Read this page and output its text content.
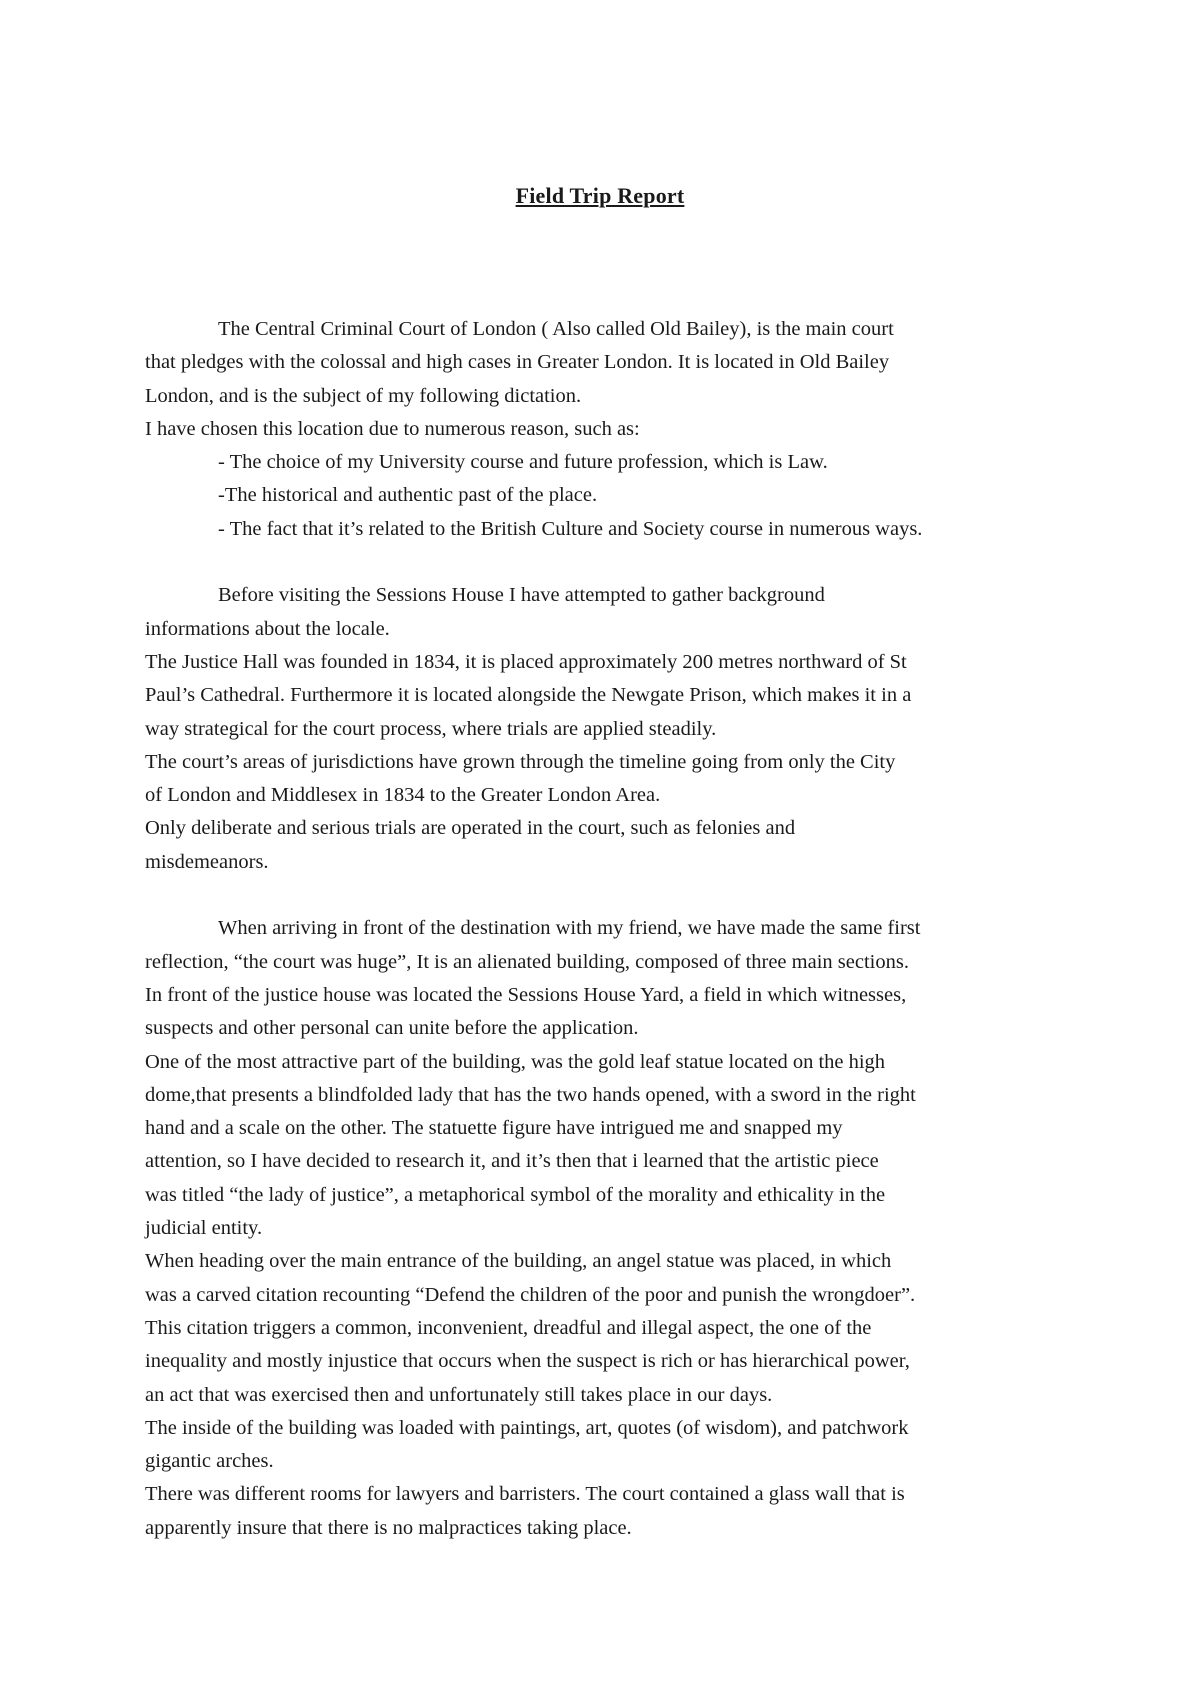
Field Trip Report

The Central Criminal Court of London ( Also called Old Bailey), is the main court

that pledges with the colossal and high cases in Greater London. It is located in Old Bailey

London, and is the subject of my following dictation.

I have chosen this location due to numerous reason, such as:

- The choice of my University course and future profession, which is Law.

-The historical and authentic past of the place.

- The fact that it’s related to the British Culture and Society course in numerous ways.

Before visiting the Sessions House I have attempted to gather background

informations about the locale.

The Justice Hall was founded in 1834, it is placed approximately 200 metres northward of St

Paul’s Cathedral. Furthermore it is located alongside the Newgate Prison, which makes it in a

way strategical for the court process, where trials are applied steadily.

The court’s areas of jurisdictions have grown through the timeline going from only the City

of London and Middlesex in 1834 to the Greater London Area.

Only deliberate and serious trials are operated in the court, such as felonies and

misdemeanors.

When arriving in front of the destination with my friend, we have made the same first

reflection, “the court was huge”, It is an alienated building, composed of three main sections.

In front of the justice house was located the Sessions House Yard, a field in which witnesses,

suspects and other personal can unite before the application.

One of the most attractive part of the building, was the gold leaf statue located on the high

dome,that presents a blindfolded lady that has the two hands opened, with a sword in the right

hand and a scale on the other. The statuette figure have intrigued me and snapped my

attention, so I have decided to research it, and it’s then that i learned that the artistic piece

was titled “the lady of justice”, a metaphorical symbol of the morality and ethicality in the

judicial entity.

When heading over the main entrance of the building, an angel statue was placed, in which

was a carved citation recounting “Defend the children of the poor and punish the wrongdoer”.

This citation triggers a common, inconvenient, dreadful and illegal aspect, the one of the

inequality and mostly injustice that occurs when the suspect is rich or has hierarchical power,

an act that was exercised then and unfortunately still takes place in our days.

The inside of the building was loaded with paintings, art, quotes (of wisdom), and patchwork

gigantic arches.

There was different rooms for lawyers and barristers. The court contained a glass wall that is

apparently insure that there is no malpractices taking place.
